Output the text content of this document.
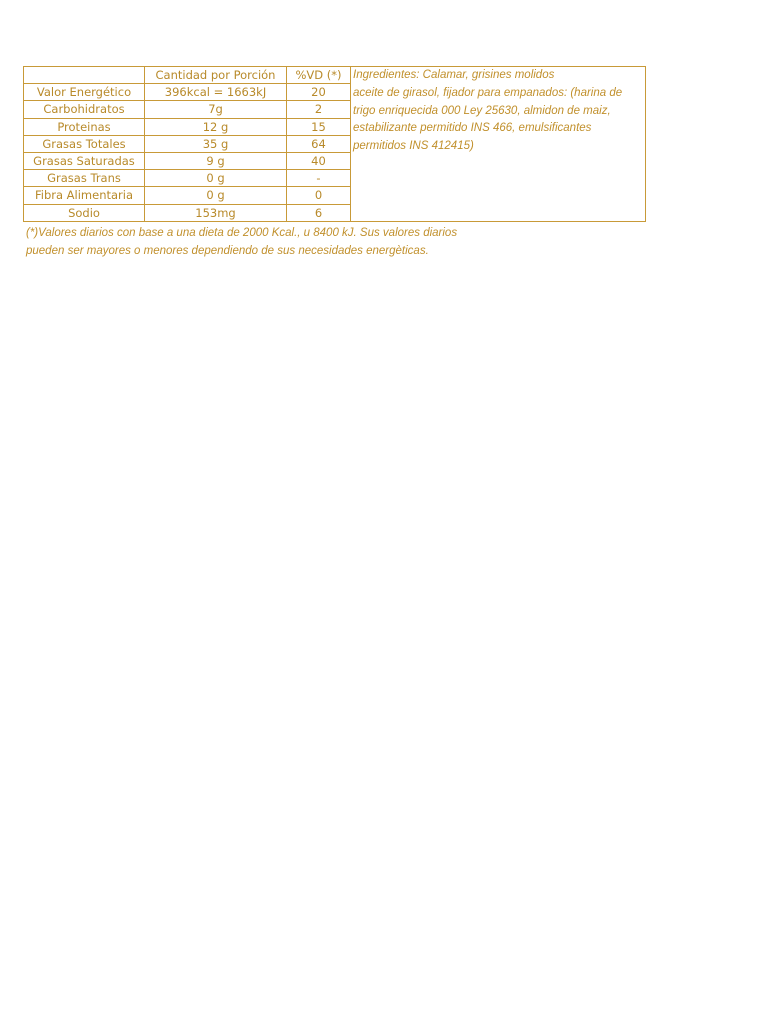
	Cantidad por Porción	%VD (*)	Ingredientes: Calamar, grisines molidos
aceite de girasol, fijador para empanados: (harina de
trigo enriquecida 000 Ley 25630, almidon de maiz,
estabilizante permitido INS 466, emulsificantes
permitidos INS 412415)

Valor Energético	396kcal = 1663kJ	20	
Carbohidratos	7g	2	
Proteinas	12 g	15	
Grasas Totales	35 g	64	
Grasas Saturadas	9 g	40	
Grasas Trans	0 g	-	
Fibra Alimentaria	0 g	0	
Sodio	153mg	6	
(*)Valores diarios con base a una dieta de 2000 Kcal., u 8400 kJ. Sus valores diarios
pueden ser mayores o menores dependiendo de sus necesidades energèticas.
